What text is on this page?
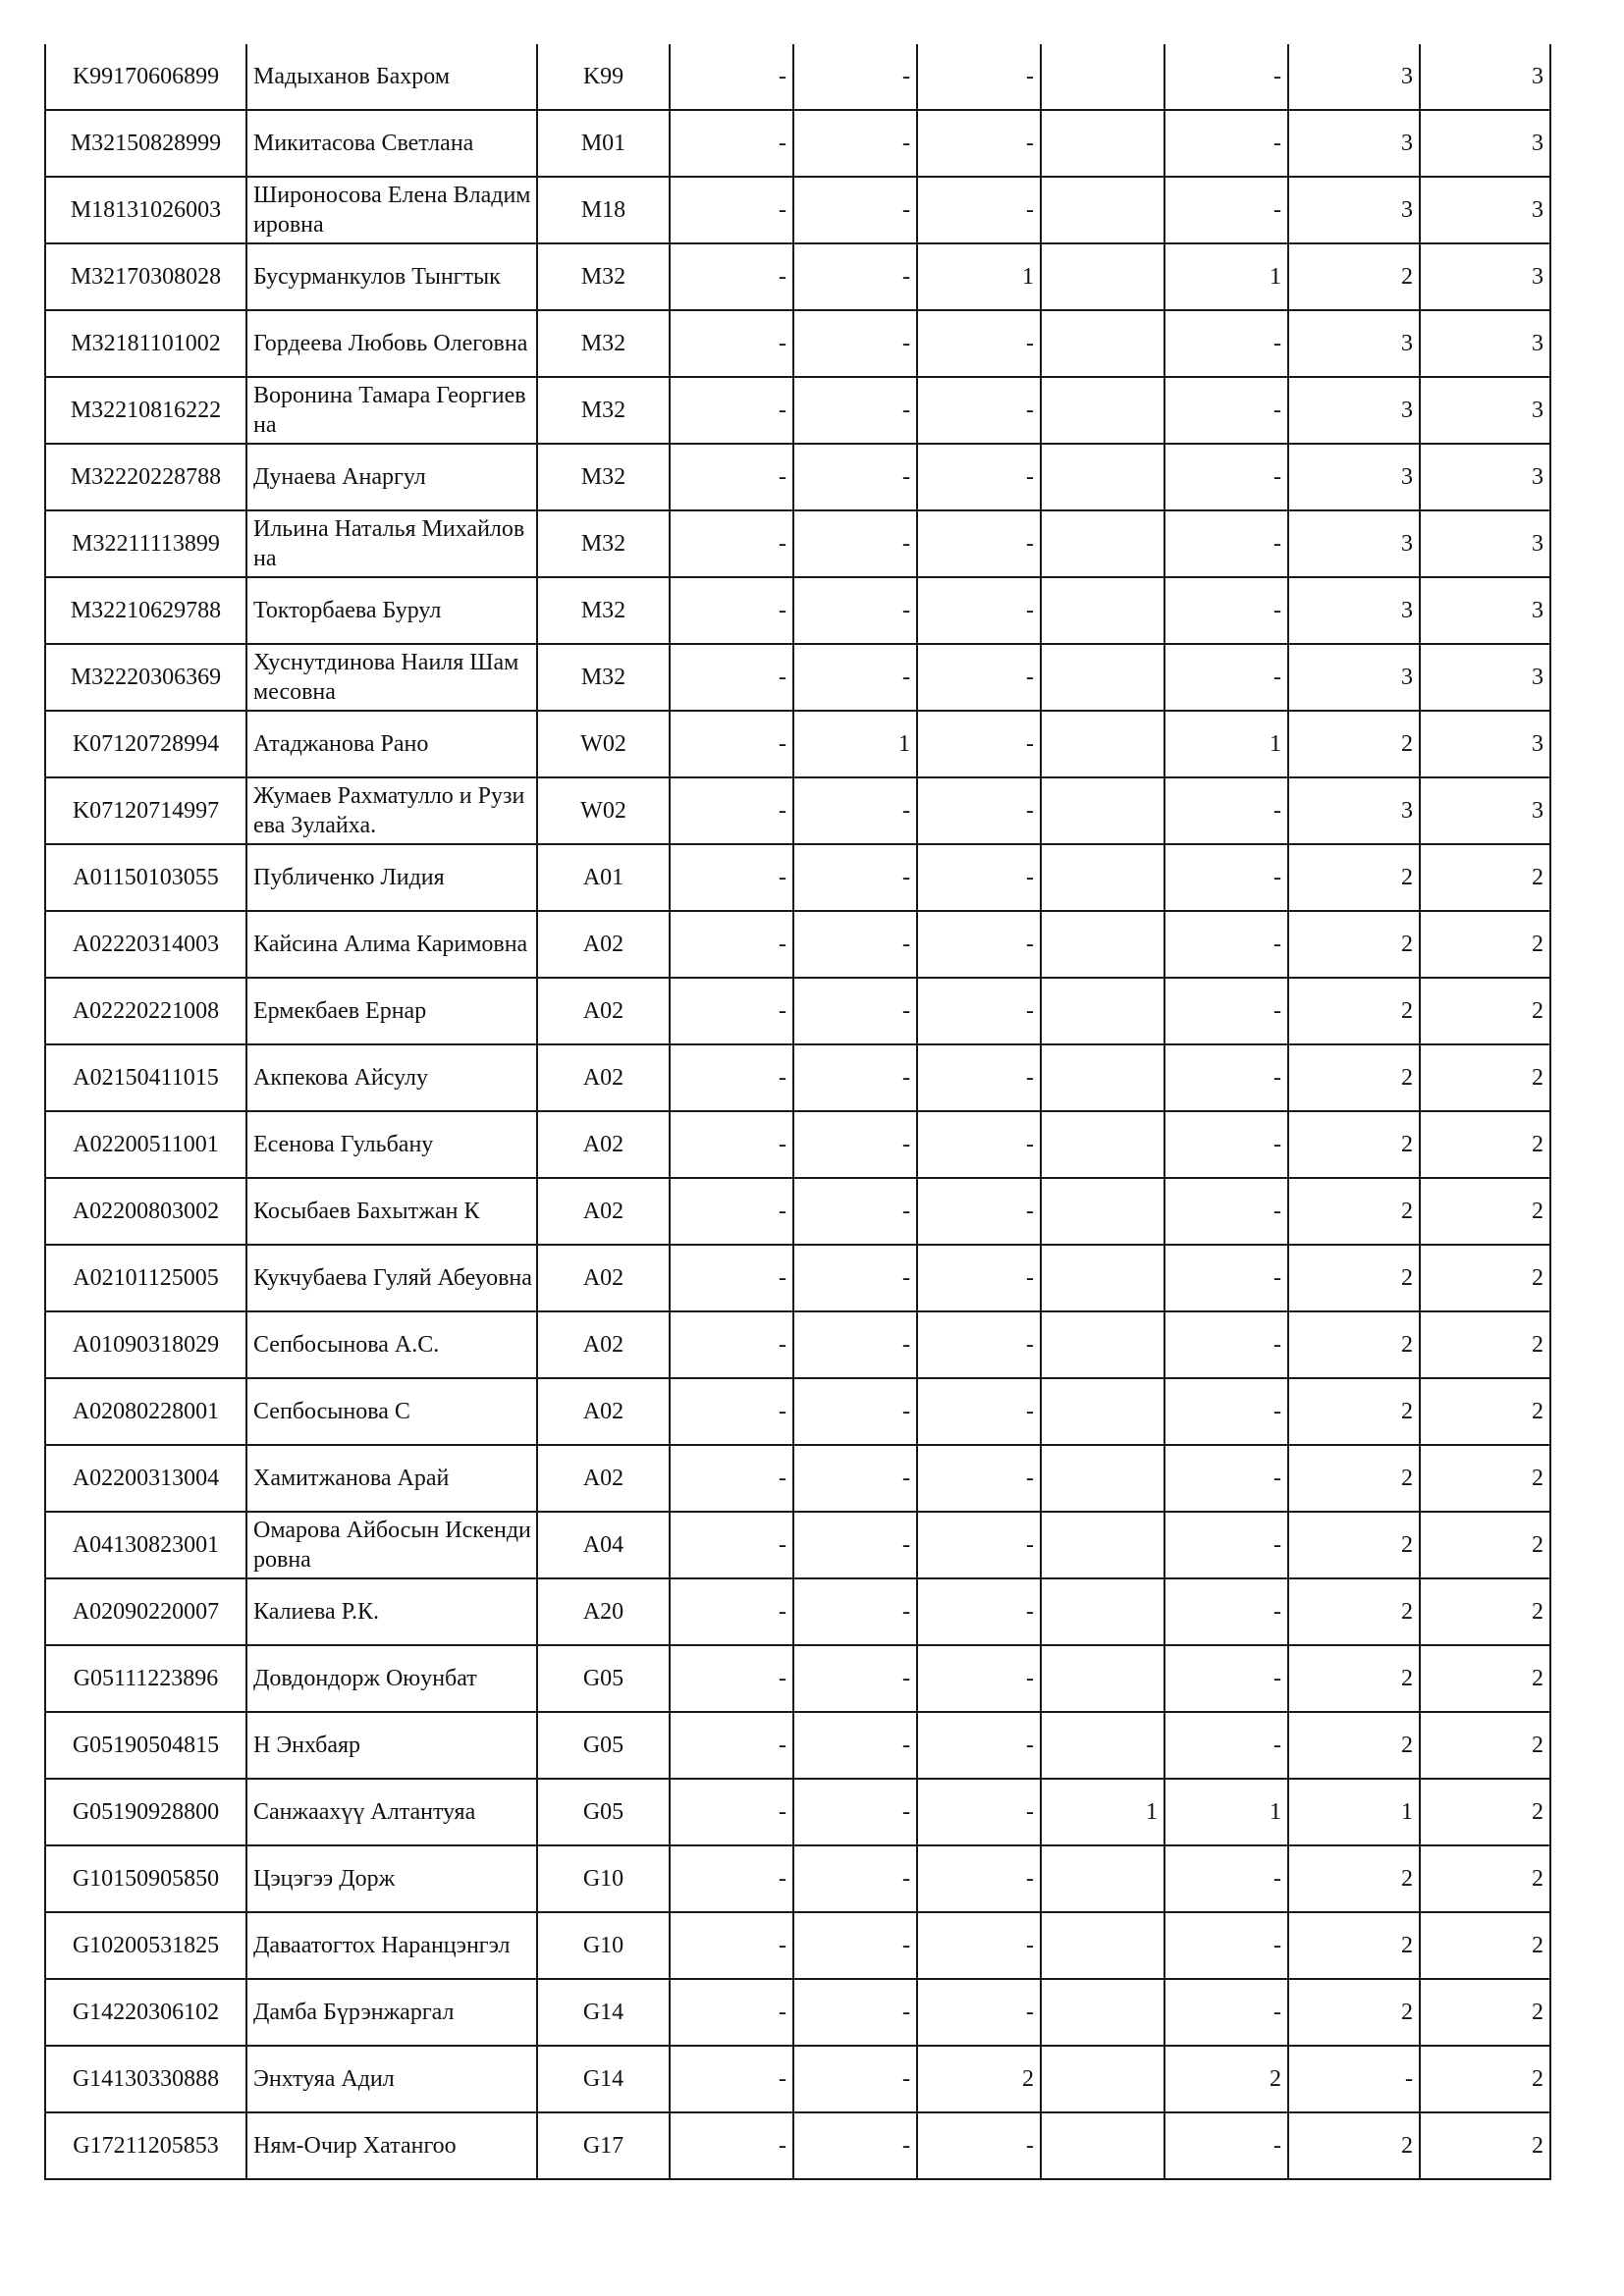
K99170606899	Мадыханов Бахром	K99	-	-	-		-	3	3
M32150828999	Микитасова Светлана	M01	-	-	-		-	3	3
M18131026003	Широносова Елена Владимировна	M18	-	-	-		-	3	3
M32170308028	Бусурманкулов Тынгтык	M32	-	-	1		1	2	3
M32181101002	Гордеева Любовь Олеговна	M32	-	-	-		-	3	3
M32210816222	Воронина Тамара Георгиевна	M32	-	-	-		-	3	3
M32220228788	Дунаева Анаргул	M32	-	-	-		-	3	3
M32211113899	Ильина Наталья Михайловна	M32	-	-	-		-	3	3
M32210629788	Токторбаева Бурул	M32	-	-	-		-	3	3
M32220306369	Хуснутдинова Наиля Шаммесовна	M32	-	-	-		-	3	3
K07120728994	Атаджанова Рано	W02	-	1	-		1	2	3
K07120714997	Жумаев Рахматулло и Рузиева Зулайха.	W02	-	-	-		-	3	3
A01150103055	Публиченко Лидия	A01	-	-	-		-	2	2
A02220314003	Кайсина Алима Каримовна	A02	-	-	-		-	2	2
A02220221008	Ермекбаев Ернар	A02	-	-	-		-	2	2
A02150411015	Акпекова Айсулу	A02	-	-	-		-	2	2
A02200511001	Есенова Гульбану	A02	-	-	-		-	2	2
A02200803002	Косыбаев Бахытжан К	A02	-	-	-		-	2	2
A02101125005	Кукчубаева Гуляй Абеуовна	A02	-	-	-		-	2	2
A01090318029	Сепбосынова А.С.	A02	-	-	-		-	2	2
A02080228001	Сепбосынова С	A02	-	-	-		-	2	2
A02200313004	Хамитжанова Арай	A02	-	-	-		-	2	2
A04130823001	Омарова Айбосын Искендировна	A04	-	-	-		-	2	2
A02090220007	Калиева Р.К.	A20	-	-	-		-	2	2
G05111223896	Довдондорж Оюунбат	G05	-	-	-		-	2	2
G05190504815	Н Энхбаяр	G05	-	-	-		-	2	2
G05190928800	Санжаахүү Алтантуяа	G05	-	-	-	1	1	1	2
G10150905850	Цэцэгээ Дорж	G10	-	-	-		-	2	2
G10200531825	Даваатогтох Наранцэнгэл	G10	-	-	-		-	2	2
G14220306102	Дамба Бүрэнжаргал	G14	-	-	-		-	2	2
G14130330888	Энхтуяа Адил	G14	-	-	2		2	-	2
G17211205853	Ням-Очир Хатангоо	G17	-	-	-		-	2	2
